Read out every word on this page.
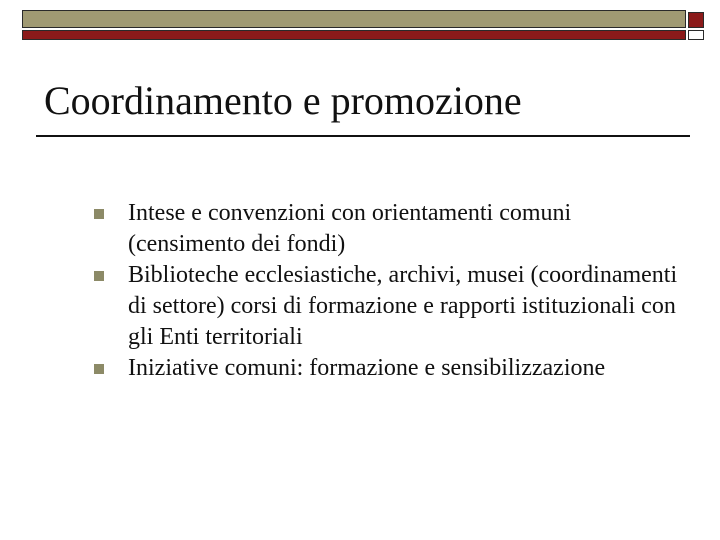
Coordinamento e promozione
Intese e convenzioni con orientamenti comuni (censimento dei fondi)
Biblioteche ecclesiastiche, archivi, musei (coordinamenti di settore) corsi di formazione e rapporti istituzionali con gli Enti territoriali
Iniziative comuni: formazione e sensibilizzazione
